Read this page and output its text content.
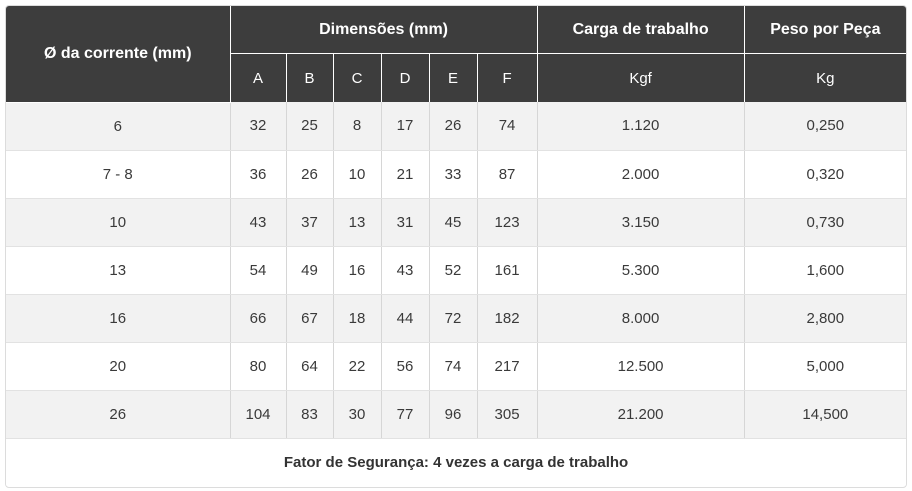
Ø da corrente (mm)	Dimensões (mm)						Carga de trabalho	Peso por Peça
	A	B	C	D	E	F	Kgf	Kg
6	32	25	8	17	26	74	1.120	0,250
7 - 8	36	26	10	21	33	87	2.000	0,320
10	43	37	13	31	45	123	3.150	0,730
13	54	49	16	43	52	161	5.300	1,600
16	66	67	18	44	72	182	8.000	2,800
20	80	64	22	56	74	217	12.500	5,000
26	104	83	30	77	96	305	21.200	14,500
Fator de Segurança: 4 vezes a carga de trabalho								
